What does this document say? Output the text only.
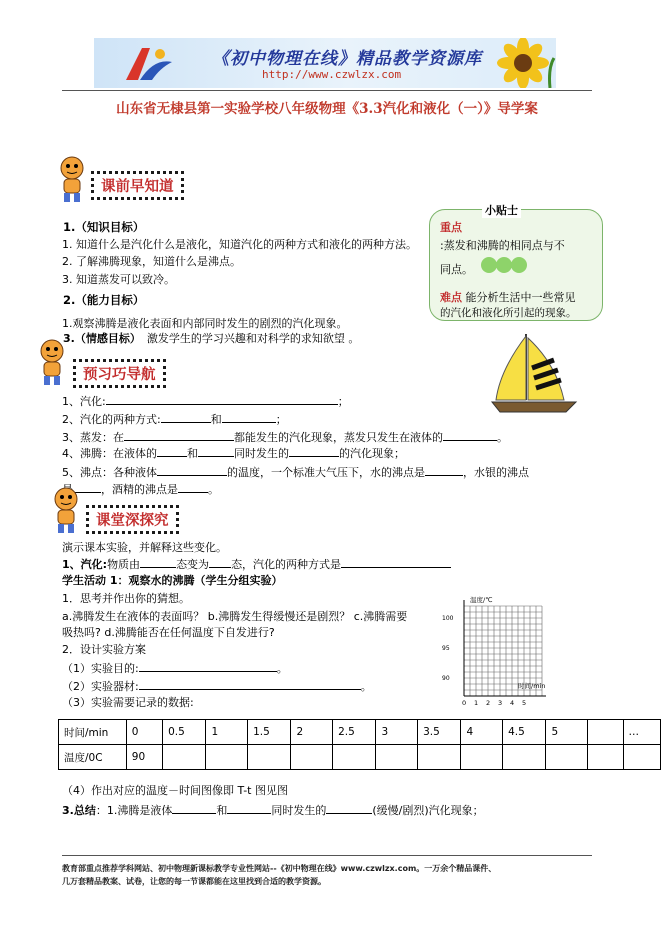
《初中物理在线》精品教学资源库
http://www.czwlzx.com
山东省无棣县第一实验学校八年级物理《3.3汽化和液化（一）》导学案
课前早知道
1.（知识目标）
1. 知道什么是汽化什么是液化，知道汽化的两种方式和液化的两种方法。
2. 了解沸腾现象，知道什么是沸点。
3. 知道蒸发可以致冷。
2.（能力目标）
1.观察沸腾是液化表面和内部同时发生的剧烈的汽化现象。
3.（情感目标） 激发学生的学习兴趣和对科学的求知欲望 。
小贴士
重点
:蒸发和沸腾的相同点与不
同点。
难点 能分析生活中一些常见
的汽化和液化所引起的现象。
预习巧导航
1、汽化:	；
2、汽化的两种方式:	和	；
3、蒸发：在	都能发生的汽化现象，蒸发只发生在液体的	。
4、沸腾：在液体的	和	同时发生的	的汽化现象；
5、沸点：各种液体	的温度，一个标准大气压下，水的沸点是	，水银的沸点
，酒精的沸点是	。
课堂深探究
演示课本实验，并解释这些变化。
1、汽化:物质由	态变为 态，汽化的两种方式是
学生活动 1：观察水的沸腾（学生分组实验）
1．思考并作出你的猜想。
a.沸腾发生在液体的表面吗？ b.沸腾发生得缓慢还是剧烈？ c.沸腾需要
吸热吗? d.沸腾能否在任何温度下自发进行?
2．设计实验方案
（1）实验目的:	。
（2）实验器材:	。
（3）实验需要记录的数据:
温度/℃
时间/min
100
95
90
0 1 2 3 4 5
时间/min	0	0.5	1	1.5	2	2.5	3	3.5	4	4.5	5		…
温度/0C	90												
（4）作出对应的温度－时间图像即 T-t 图见图
3.总结：1.沸腾是液体	和	同时发生的	(缓慢/剧烈)汽化现象；
教育部重点推荐学科网站、初中物理新课标教学专业性网站--《初中物理在线》www.czwlzx.com。一万余个精品课件、
几万套精品教案、试卷，让您的每一节课都能在这里找到合适的教学资源。
